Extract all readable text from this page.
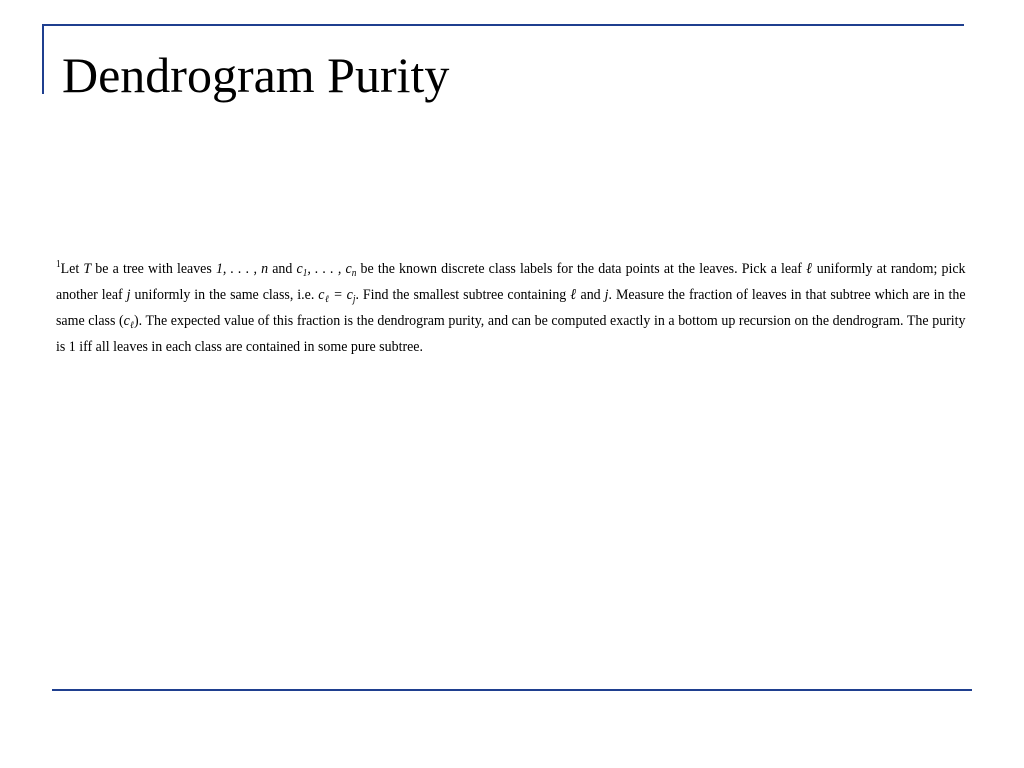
Dendrogram Purity

$^1$Let T be a tree with leaves 1, . . . , n and $c_1$, . . . , $c_n$ be the known discrete class labels for the data points at the leaves. Pick a leaf ℓ uniformly at random; pick another leaf j uniformly in the same class, i.e. $c_\ell = c_j$. Find the smallest subtree containing ℓ and j. Measure the fraction of leaves in that subtree which are in the same class $(c_\ell)$. The expected value of this fraction is the dendrogram purity, and can be computed exactly in a bottom up recursion on the dendrogram. The purity is 1 iff all leaves in each class are contained in some pure subtree.
